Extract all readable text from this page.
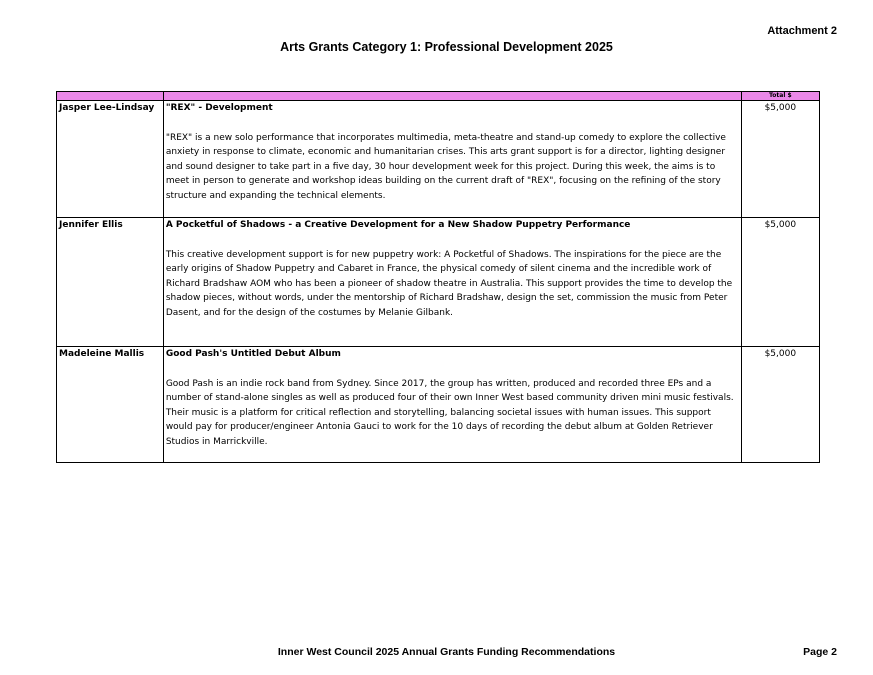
Attachment 2
Arts Grants Category 1: Professional Development 2025
		Total $
Jasper Lee-Lindsay	"REX" - Development
"REX" is a new solo performance that incorporates multimedia, meta-theatre and stand-up comedy to explore the collective anxiety in response to climate, economic and humanitarian crises. This arts grant support is for a director, lighting designer and sound designer to take part in a five day, 30 hour development week for this project. During this week, the aims is to meet in person to generate and workshop ideas building on the current draft of "REX", focusing on the refining of the story structure and expanding the technical elements.	$5,000
Jennifer Ellis	A Pocketful of Shadows - a Creative Development for a New Shadow Puppetry Performance
This creative development support is for new puppetry work: A Pocketful of Shadows. The inspirations for the piece are the early origins of Shadow Puppetry and Cabaret in France, the physical comedy of silent cinema and the incredible work of Richard Bradshaw AOM who has been a pioneer of shadow theatre in Australia. This support provides the time to develop the shadow pieces, without words, under the mentorship of Richard Bradshaw, design the set, commission the music from Peter Dasent, and for the design of the costumes by Melanie Gilbank.	$5,000
Madeleine Mallis	Good Pash's Untitled Debut Album
Good Pash is an indie rock band from Sydney. Since 2017, the group has written, produced and recorded three EPs and a number of stand-alone singles as well as produced four of their own Inner West based community driven mini music festivals. Their music is a platform for critical reflection and storytelling, balancing societal issues with human issues. This support would pay for producer/engineer Antonia Gauci to work for the 10 days of recording the debut album at Golden Retriever Studios in Marrickville.	$5,000
Inner West Council 2025 Annual Grants Funding Recommendations	Page 2
